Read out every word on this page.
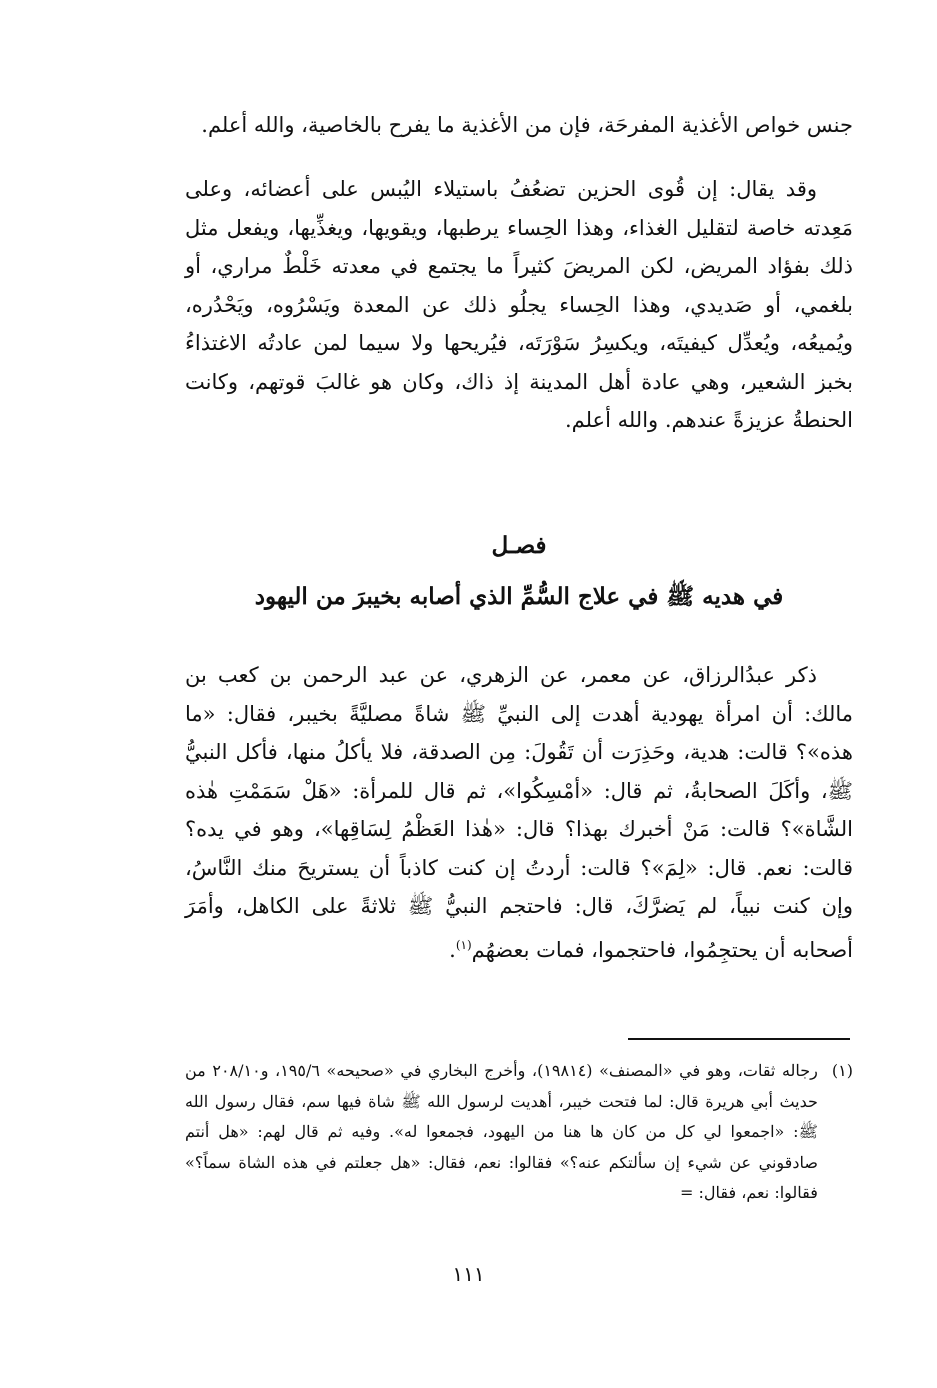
جنس خواص الأغذية المفرحَة، فإن من الأغذية ما يفرح بالخاصية، والله أعلم.

وقد يقال: إن قُوى الحزين تضعُفُ باستيلاء اليُبس على أعضائه، وعلى مَعِدته خاصة لتقليل الغذاء، وهذا الحِساء يرطبها، ويقويها، ويغذِّيها، ويفعل مثل ذلك بفؤاد المريض، لكن المريضَ كثيراً ما يجتمع في معدته خَلْطٌ مراري، أو بلغمي، أو صَديدي، وهذا الحِساء يجلُو ذلك عن المعدة ويَسْرُوه، ويَحْدُره، ويُميعُه، ويُعدِّل كيفيتَه، ويكسِرُ سَوْرَتَه، فيُريحها ولا سيما لمن عادتُه الاغتذاءُ بخبز الشعير، وهي عادة أهل المدينة إذ ذاك، وكان هو غالبَ قوتهم، وكانت الحنطةُ عزيزةً عندهم. والله أعلم.

فصـل
في هديه ﷺ في علاج السُّمِّ الذي أصابه بخيبرَ من اليهود

ذكر عبدُالرزاق، عن معمر، عن الزهري، عن عبد الرحمن بن كعب بن مالك: أن امرأة يهودية أهدت إلى النبيِّ ﷺ شاةً مصليَّةً بخيبر، فقال: «ما هذه»؟ قالت: هدية، وحَذِرَت أن تَقُولَ: مِن الصدقة، فلا يأكلُ منها، فأكل النبيُّ ﷺ، وأكَلَ الصحابةُ، ثم قال: «أمْسِكُوا»، ثم قال للمرأة: «هَلْ سَمَمْتِ هٰذه الشَّاة»؟ قالت: مَنْ أخبرك بهذا؟ قال: «هٰذا العَظْمُ لِسَاقِها»، وهو في يده؟ قالت: نعم. قال: «لِمَ»؟ قالت: أردتُ إن كنت كاذباً أن يستريحَ منك النَّاسُ، وإن كنت نبياً، لم يَضرَّكَ، قال: فاحتجم النبيُّ ﷺ ثلاثةً على الكاهل، وأمَرَ أصحابه أن يحتجِمُوا، فاحتجموا، فمات بعضهُم$^{(١)}$.

(١)
رجاله ثقات، وهو في «المصنف» (١٩٨١٤)، وأخرج البخاري في «صحيحه» ١٩٥/٦، و٢٠٨/١٠ من حديث أبي هريرة قال: لما فتحت خيبر، أهديت لرسول الله ﷺ شاة فيها سم، فقال رسول الله ﷺ: «اجمعوا لي كل من كان ها هنا من اليهود، فجمعوا له». وفيه ثم قال لهم: «هل أنتم صادقوني عن شيء إن سألتكم عنه؟» فقالوا: نعم، فقال: «هل جعلتم في هذه الشاة سماً؟» فقالوا: نعم، فقال: =
١١١
